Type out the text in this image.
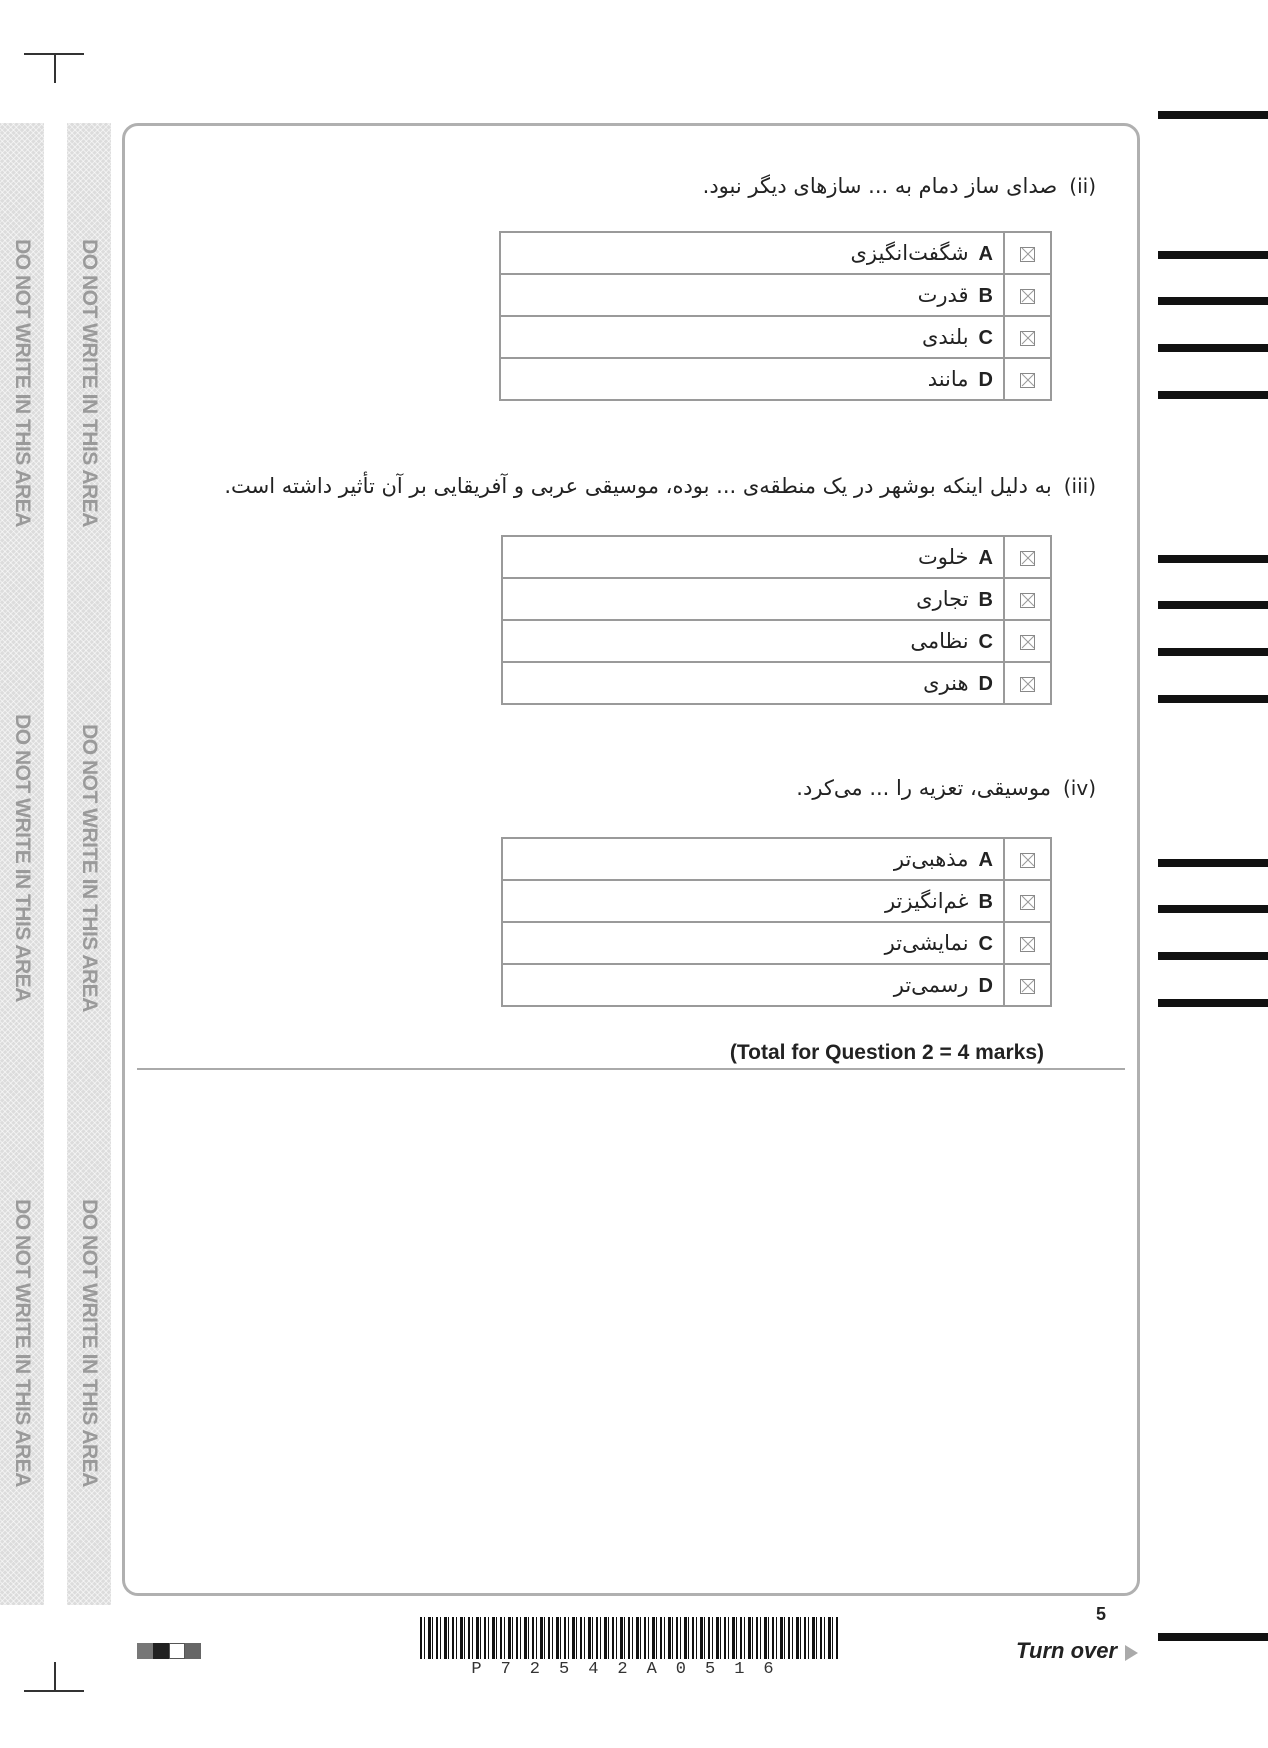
DO NOT WRITE IN THIS AREA
DO NOT WRITE IN THIS AREA
DO NOT WRITE IN THIS AREA
DO NOT WRITE IN THIS AREA
DO NOT WRITE IN THIS AREA
DO NOT WRITE IN THIS AREA
(ii)صدای ساز دمام به ... سازهای دیگر نبود.
Aشگفت‌انگیزی	
Bقدرت	
Cبلندی	
Dمانند	
(iii)به دلیل اینکه بوشهر در یک منطقه‌ی ... بوده، موسیقی عربی و آفریقایی بر آن تأثیر داشته است.
Aخلوت	
Bتجاری	
Cنظامی	
Dهنری	
(iv)موسیقی، تعزیه را ... می‌کرد.
Aمذهبی‌تر	
Bغم‌انگیزتر	
Cنمایشی‌تر	
Dرسمی‌تر	
(Total for Question 2 = 4 marks)
P72542A0516
5
Turn over
